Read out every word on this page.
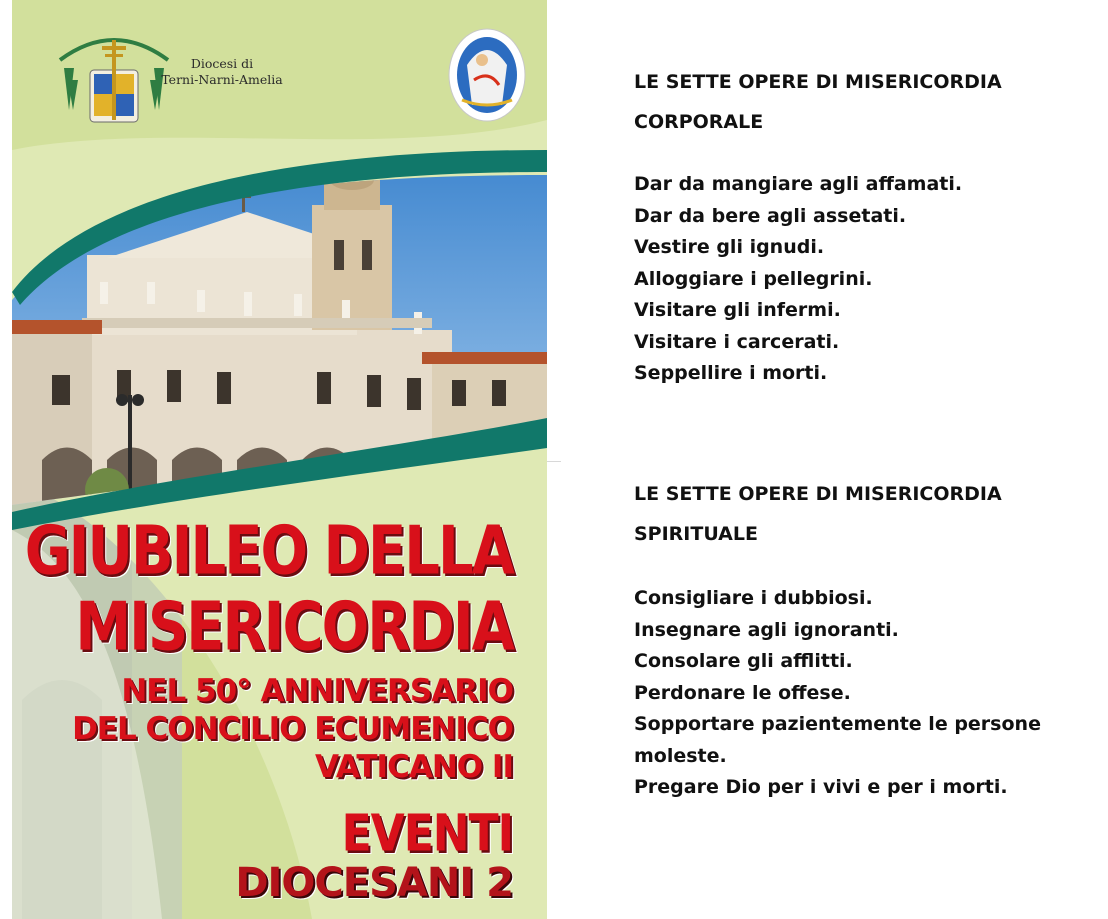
Diocesi di
Terni-Narni-Amelia
GIUBILEO DELLA
MISERICORDIA
NEL 50° ANNIVERSARIO
DEL CONCILIO ECUMENICO
VATICANO II
EVENTI
DIOCESANI 2
LE SETTE OPERE DI MISERICORDIA
CORPORALE
Dar da mangiare agli affamati.
Dar da bere agli assetati.
Vestire gli ignudi.
Alloggiare i pellegrini.
Visitare gli infermi.
Visitare i carcerati.
Seppellire i morti.
LE SETTE OPERE DI MISERICORDIA
SPIRITUALE
Consigliare i dubbiosi.
Insegnare agli ignoranti.
Consolare gli afflitti.
Perdonare le offese.
Sopportare pazientemente le persone
moleste.
Pregare Dio per i vivi e per i morti.
